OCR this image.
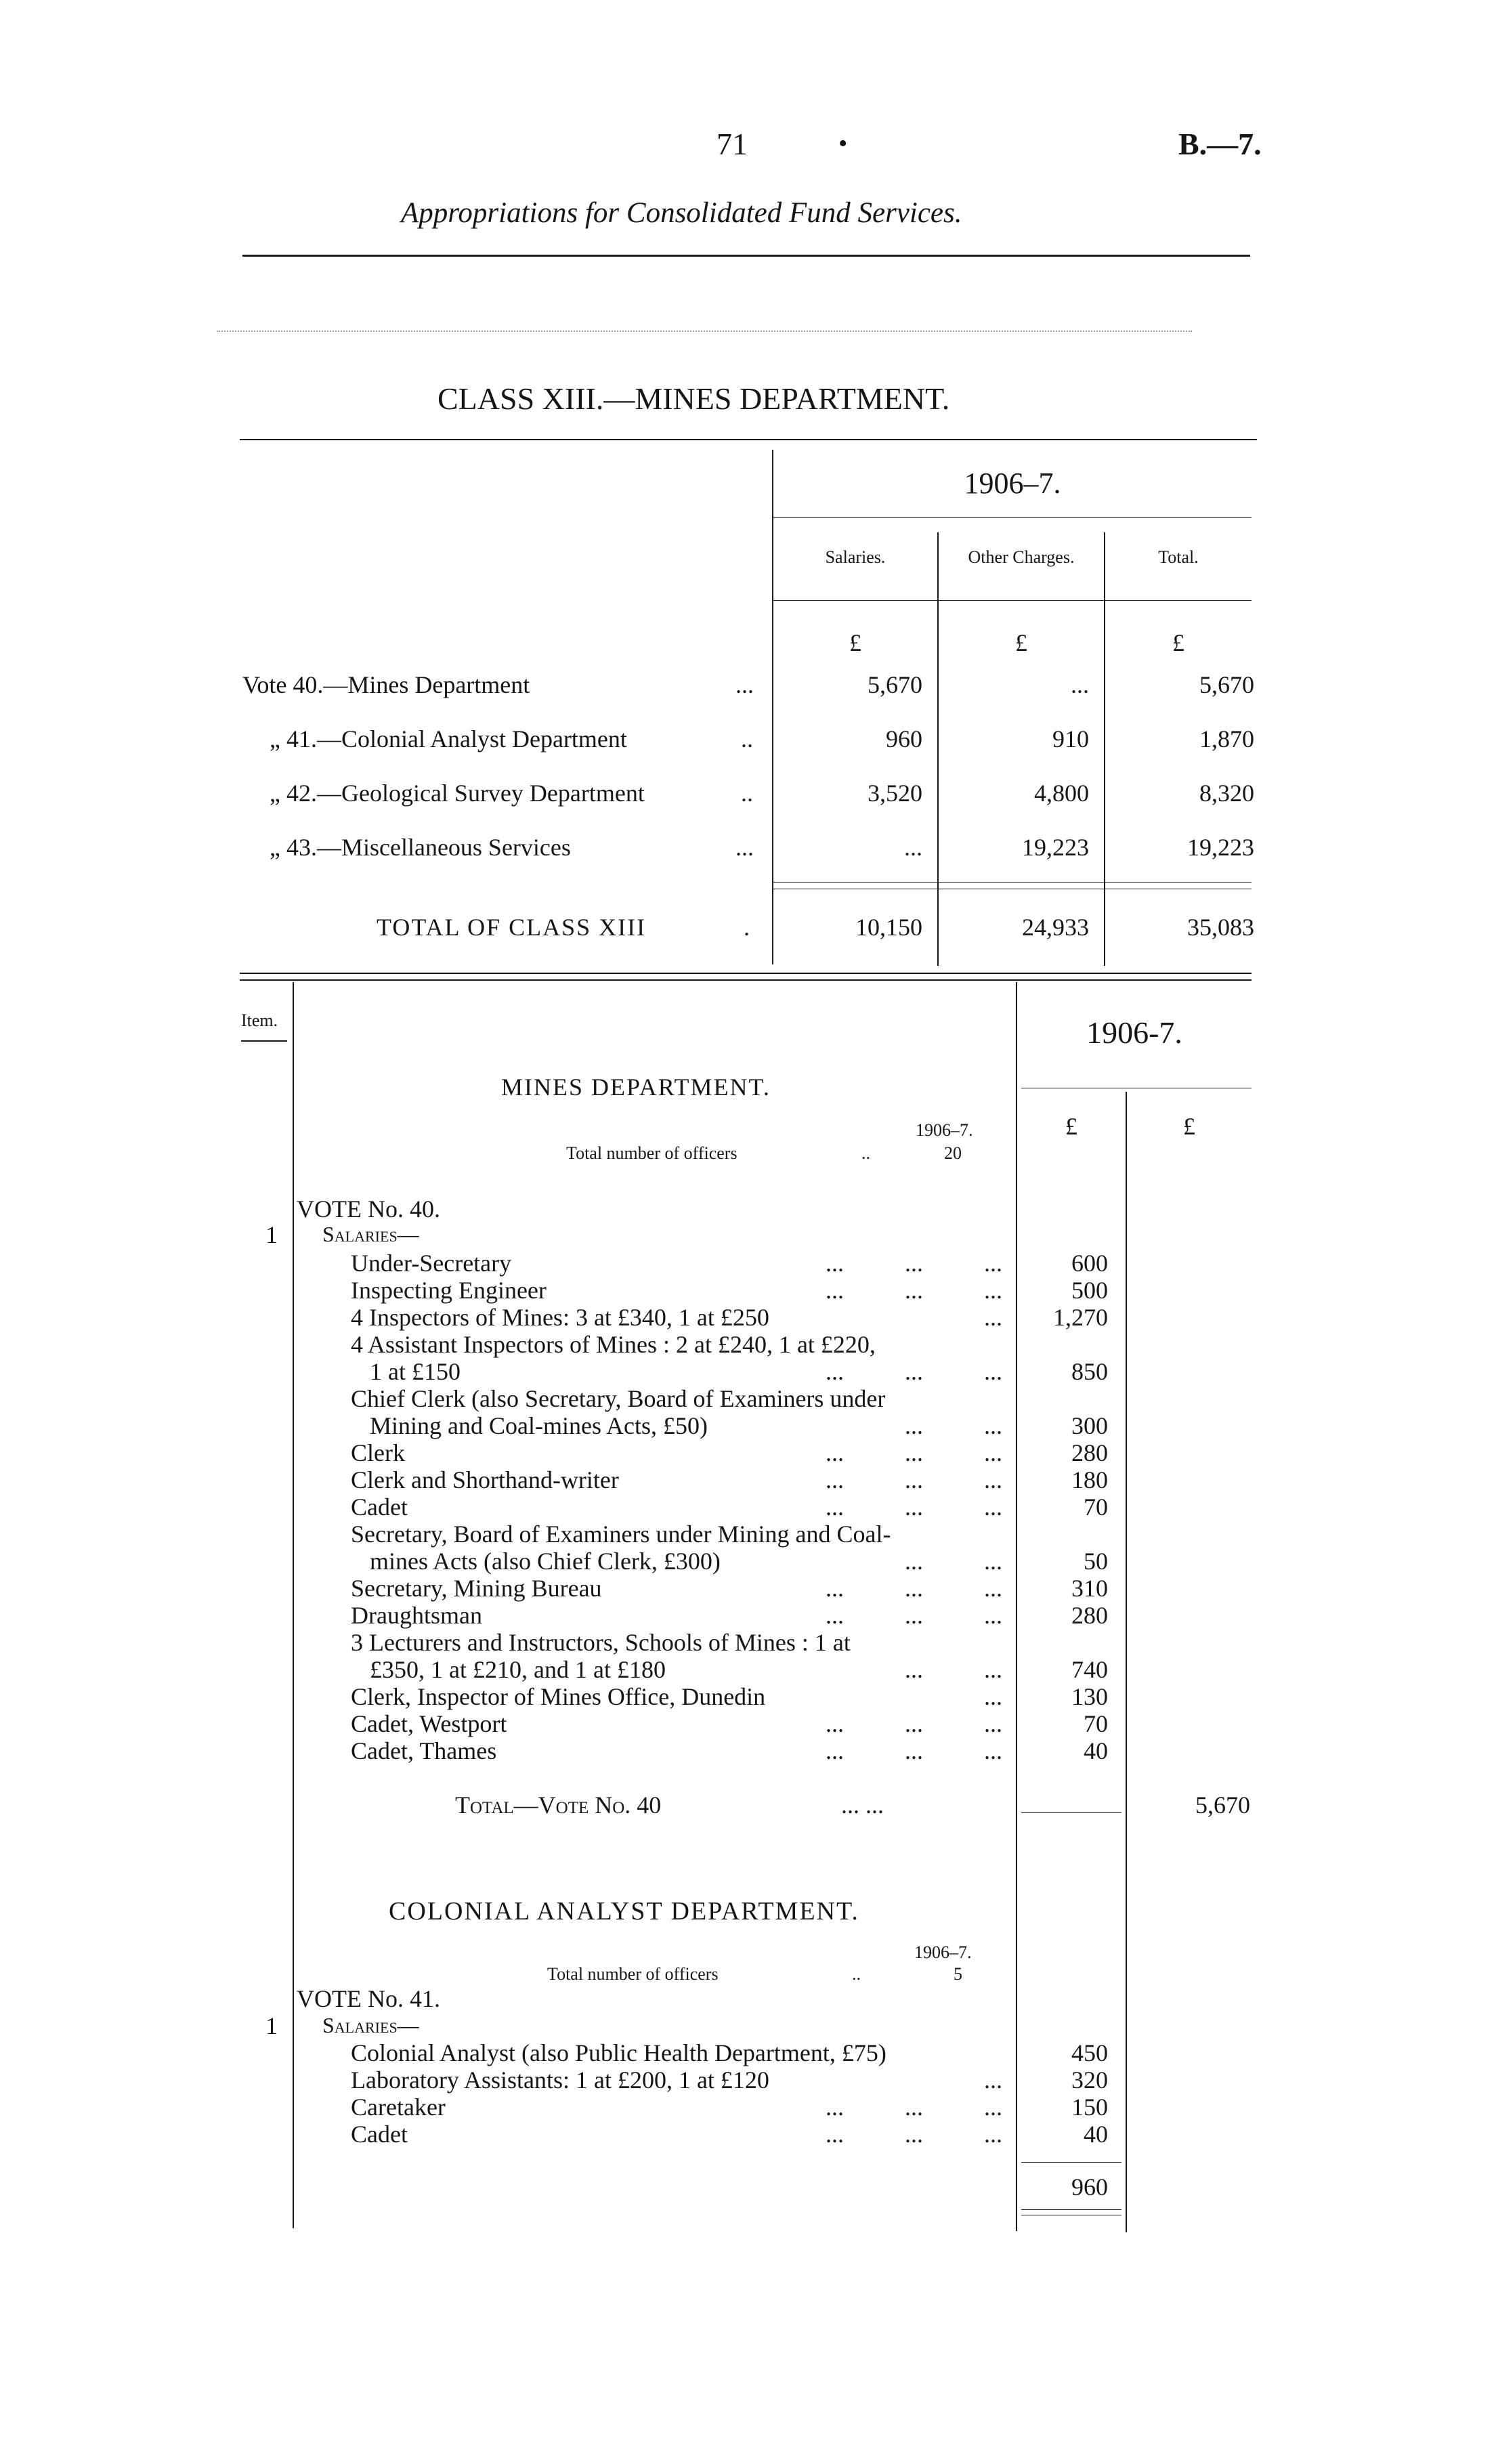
71	•	B.—7.
Appropriations for Consolidated Fund Services.
CLASS XIII.—MINES DEPARTMENT.
1906–7.
Salaries.	Other Charges.	Total.
£	£	£
Vote 40.—Mines Department	...	5,670	...	5,670
„ 41.—Colonial Analyst Department	..	960	910	1,870
„ 42.—Geological Survey Department	..	3,520	4,800	8,320
„ 43.—Miscellaneous Services	...	...	19,223	19,223
TOTAL OF CLASS XIII	.	10,150	24,933	35,083
Item.	1906-7.
£	£
MINES DEPARTMENT.
1906–7.
Total number of officers	..	20
VOTE No. 40.
1 Salaries—
Under-Secretary	...          ...          ...	600
Inspecting Engineer	...          ...          ...	500
4 Inspectors of Mines: 3 at £340, 1 at £250	...	1,270
4 Assistant Inspectors of Mines : 2 at £240, 1 at £220,
1 at £150	...          ...          ...	850
Chief Clerk (also Secretary, Board of Examiners under
Mining and Coal-mines Acts, £50)	...          ...	300
Clerk	...          ...          ...	280
Clerk and Shorthand-writer	...          ...          ...	180
Cadet	...          ...          ...	70
Secretary, Board of Examiners under Mining and Coal-
mines Acts (also Chief Clerk, £300)	...          ...	50
Secretary, Mining Bureau	...          ...          ...	310
Draughtsman	...          ...          ...	280
3 Lecturers and Instructors, Schools of Mines : 1 at
£350, 1 at £210, and 1 at £180	...          ...	740
Clerk, Inspector of Mines Office, Dunedin	...	130
Cadet, Westport	...          ...          ...	70
Cadet, Thames	...          ...          ...	40
Total—Vote No. 40	... ...	5,670
COLONIAL ANALYST DEPARTMENT.
1906–7.
Total number of officers	..	5
VOTE No. 41.
1 Salaries—
Colonial Analyst (also Public Health Department, £75)	450
Laboratory Assistants: 1 at £200, 1 at £120	...	320
Caretaker	...          ...          ...	150
Cadet	...          ...          ...	40
960
